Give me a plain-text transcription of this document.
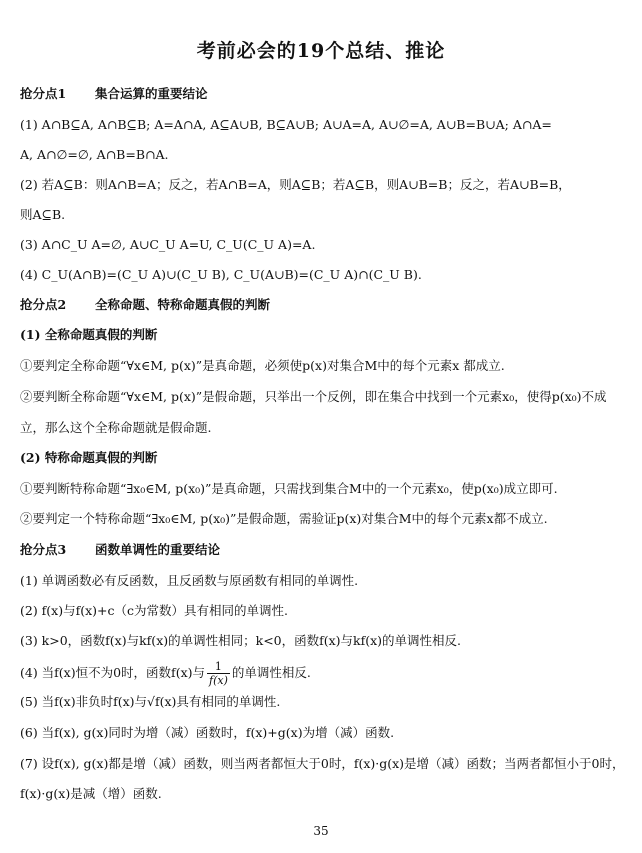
考前必会的19个总结、推论
抢分点1 集合运算的重要结论
(1) A∩B⊆A, A∩B⊆B; A=A∩A, A⊆A∪B, B⊆A∪B; A∪A=A, A∪∅=A, A∪B=B∪A; A∩A=
A, A∩∅=∅, A∩B=B∩A.
(2) 若A⊆B：则A∩B=A；反之，若A∩B=A，则A⊆B；若A⊆B，则A∪B=B；反之，若A∪B=B，
则A⊆B.
(3) A∩C_U A=∅, A∪C_U A=U, C_U(C_U A)=A.
(4) C_U(A∩B)=(C_U A)∪(C_U B), C_U(A∪B)=(C_U A)∩(C_U B).
抢分点2 全称命题、特称命题真假的判断
(1) 全称命题真假的判断
①要判定全称命题“∀x∈M, p(x)”是真命题，必须使p(x)对集合M中的每个元素x 都成立.
②要判断全称命题“∀x∈M, p(x)”是假命题，只举出一个反例，即在集合中找到一个元素x₀，使得p(x₀)不成
立，那么这个全称命题就是假命题.
(2) 特称命题真假的判断
①要判断特称命题“∃x₀∈M, p(x₀)”是真命题，只需找到集合M中的一个元素x₀，使p(x₀)成立即可.
②要判定一个特称命题“∃x₀∈M, p(x₀)”是假命题，需验证p(x)对集合M中的每个元素x都不成立.
抢分点3 函数单调性的重要结论
(1) 单调函数必有反函数，且反函数与原函数有相同的单调性.
(2) f(x)与f(x)+c（c为常数）具有相同的单调性.
(3) k>0，函数f(x)与kf(x)的单调性相同；k<0，函数f(x)与kf(x)的单调性相反.
(4) 当f(x)恒不为0时，函数f(x)与 $\frac{1}{f(x)}$ 的单调性相反.
(5) 当f(x)非负时f(x)与√f(x)具有相同的单调性.
(6) 当f(x), g(x)同时为增（减）函数时，f(x)+g(x)为增（减）函数.
(7) 设f(x), g(x)都是增（减）函数，则当两者都恒大于0时，f(x)·g(x)是增（减）函数；当两者都恒小于0时，
f(x)·g(x)是减（增）函数.
35
